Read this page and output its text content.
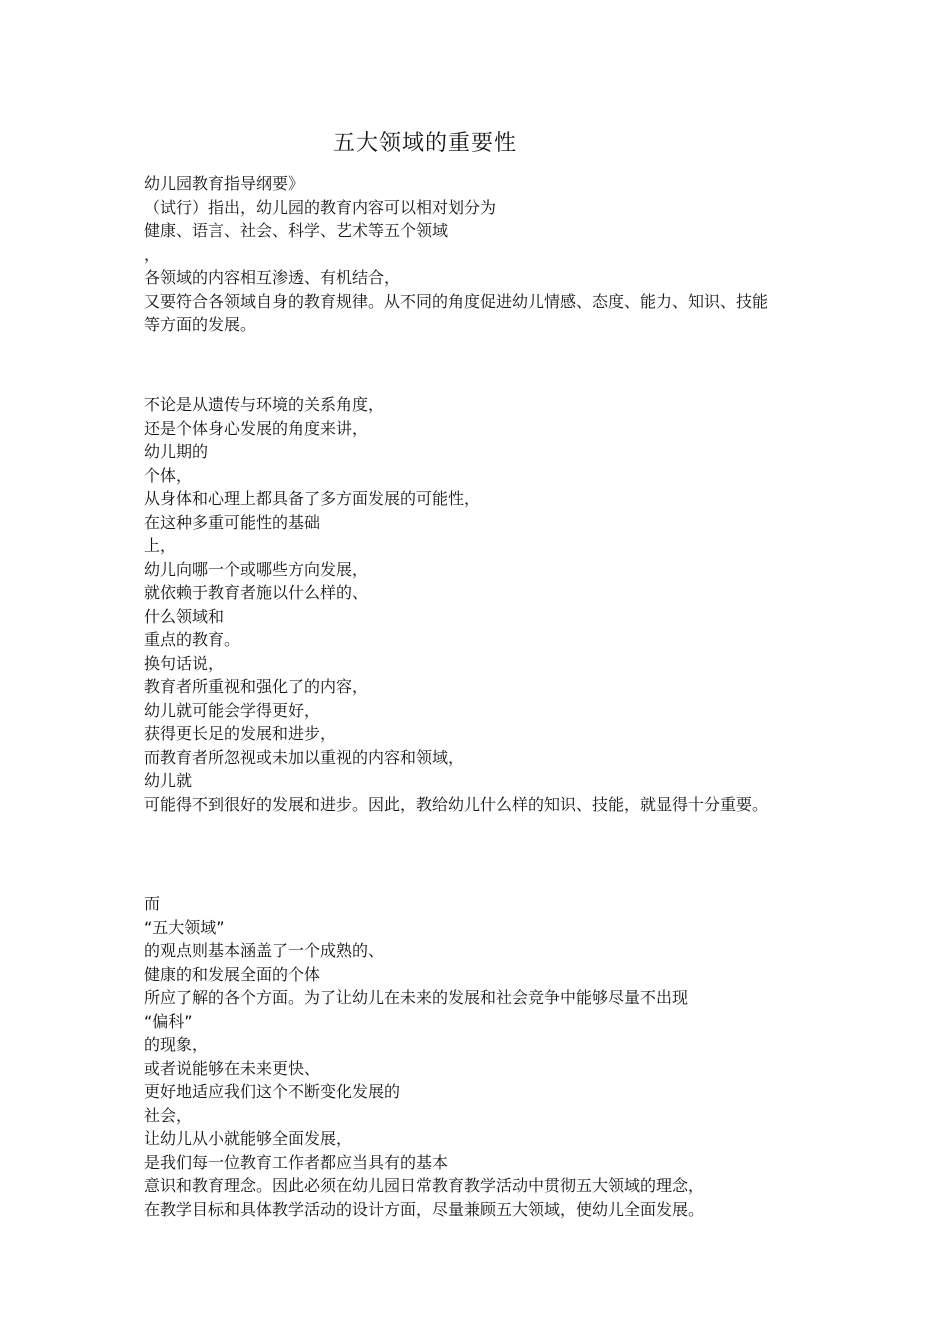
五大领域的重要性
幼儿园教育指导纲要》
（试行）指出，幼儿园的教育内容可以相对划分为
健康、语言、社会、科学、艺术等五个领域
，
各领域的内容相互渗透、有机结合，
又要符合各领域自身的教育规律。从不同的角度促进幼儿情感、态度、能力、知识、技能等方面的发展。
不论是从遗传与环境的关系角度，
还是个体身心发展的角度来讲，
幼儿期的
个体，
从身体和心理上都具备了多方面发展的可能性，
在这种多重可能性的基础
上，
幼儿向哪一个或哪些方向发展，
就依赖于教育者施以什么样的、
什么领域和
重点的教育。
换句话说，
教育者所重视和强化了的内容，
幼儿就可能会学得更好，
获得更长足的发展和进步，
而教育者所忽视或未加以重视的内容和领域，
幼儿就
可能得不到很好的发展和进步。因此，教给幼儿什么样的知识、技能，就显得十分重要。
而
“五大领域”
的观点则基本涵盖了一个成熟的、
健康的和发展全面的个体
所应了解的各个方面。为了让幼儿在未来的发展和社会竞争中能够尽量不出现
“偏科”
的现象，
或者说能够在未来更快、
更好地适应我们这个不断变化发展的
社会，
让幼儿从小就能够全面发展，
是我们每一位教育工作者都应当具有的基本
意识和教育理念。因此必须在幼儿园日常教育教学活动中贯彻五大领域的理念，
在教学目标和具体教学活动的设计方面，尽量兼顾五大领域，使幼儿全面发展。
